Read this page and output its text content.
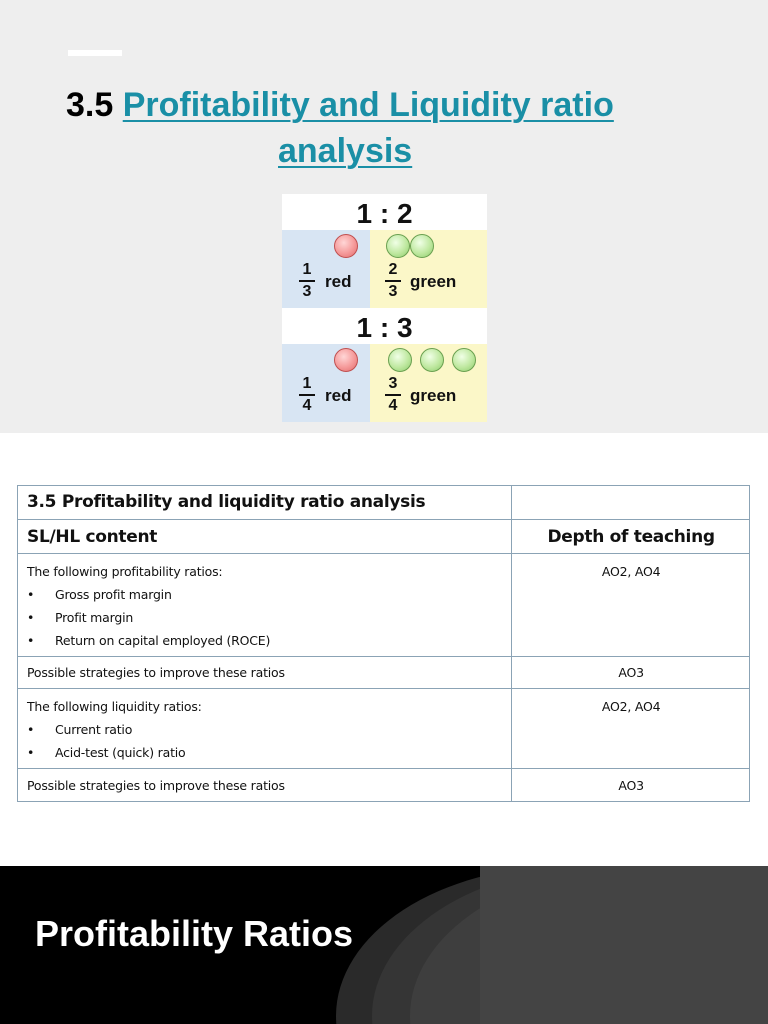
3.5 Profitability and Liquidity ratio
analysis
1 : 2
1
3
red
2
3
green
1 : 3
1
4
red
3
4
green
3.5 Profitability and liquidity ratio analysis	
SL/HL content	Depth of teaching
The following profitability ratios:
• Gross profit margin
• Profit margin
• Return on capital employed (ROCE)	AO2, AO4
Possible strategies to improve these ratios	AO3
The following liquidity ratios:
• Current ratio
• Acid-test (quick) ratio	AO2, AO4
Possible strategies to improve these ratios	AO3
Profitability Ratios
